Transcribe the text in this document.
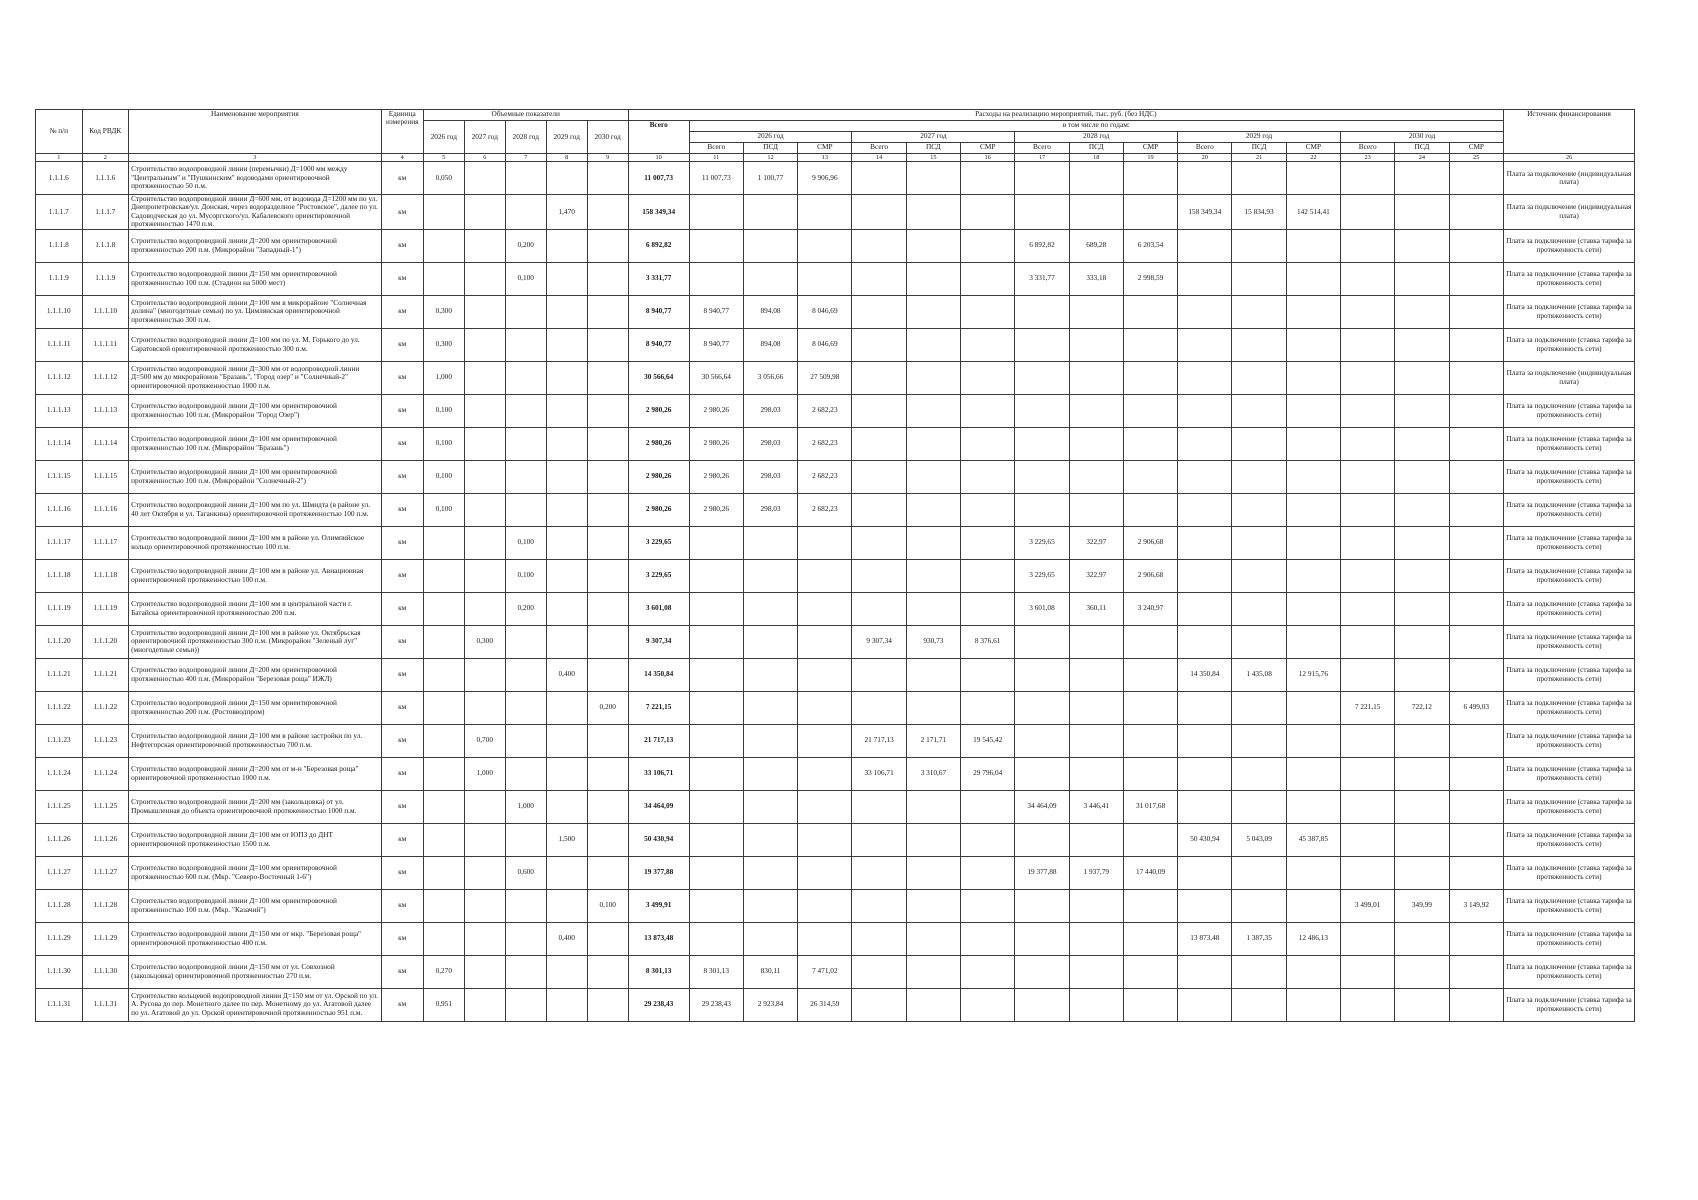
№ п/п	Код РВДК	Наименование мероприятия	Единица измерения	Объемные показатели					Расходы на реализацию мероприятий, тыс. руб. (без НДС)																Источник финансирования
				2026 год	2027 год	2028 год	2029 год	2030 год	Всего	в том числе по годам:															
										2026 год			2027 год			2028 год			2029 год			2030 год			
										Всего	ПСД	СМР	Всего	ПСД	СМР	Всего	ПСД	СМР	Всего	ПСД	СМР	Всего	ПСД	СМР	
1	2	3	4	5	6	7	8	9	10	11	12	13	14	15	16	17	18	19	20	21	22	23	24	25	26
1.1.1.6	1.1.1.6	Строительство водопроводной линии (перемычки) Д=1000 мм между "Центральным" и "Пушкинским" водоводами ориентировочной протяженностью 50 п.м.	км	0,050					11 007,73	11 007,73	1 100,77	9 906,96													Плата за подключение (индивидуальная плата)
1.1.1.7	1.1.1.7	Строительство водопроводной линии Д=600 мм, от водовода Д=1200 мм по ул. Днепропетровская/ул. Донская, через водоразделное "Ростовское", далее по ул. Садоводческая до ул. Мусоргского/ул. Кабалевского ориентировочной протяженностью 1470 п.м.	км				1,470		158 349,34										158 349,34	15 834,93	142 514,41				Плата за подключение (индивидуальная плата)
1.1.1.8	1.1.1.8	Строительство водопроводной линии Д=200 мм ориентировочной протяженностью 200 п.м. (Микрорайон "Западный-1")	км			0,200			6 892,82							6 892,82	689,28	6 203,54							Плата за подключение (ставка тарифа за протяженность сети)
1.1.1.9	1.1.1.9	Строительство водопроводной линии Д=150 мм ориентировочной протяженностью 100 п.м. (Стадион на 5000 мест)	км			0,100			3 331,77							3 331,77	333,18	2 998,59							Плата за подключение (ставка тарифа за протяженность сети)
1.1.1.10	1.1.1.10	Строительство водопроводной линии Д=100 мм в микрорайоне "Солнечная долина" (многодетные семьи) по ул. Цимлянская ориентировочной протяженностью 300 п.м.	км	0,300					8 940,77	8 940,77	894,08	8 046,69													Плата за подключение (ставка тарифа за протяженность сети)
1.1.1.11	1.1.1.11	Строительство водопроводной линии Д=100 мм по ул. М. Горького до ул. Саратовской ориентировочной протяженностью 300 п.м.	км	0,300					8 940,77	8 940,77	894,08	8 046,69													Плата за подключение (ставка тарифа за протяженность сети)
1.1.1.12	1.1.1.12	Строительство водопроводной линии Д=300 мм от водопроводной линии Д=500 мм до микрорайонов "Бразань", "Город озер" и "Солнечный-2" ориентировочной протяженностью 1000 п.м.	км	1,000					30 566,64	30 566,64	3 056,66	27 509,98													Плата за подключение (индивидуальная плата)
1.1.1.13	1.1.1.13	Строительство водопроводной линии Д=100 мм ориентировочной протяженностью 100 п.м. (Микрорайон "Город Озер")	км	0,100					2 980,26	2 980,26	298,03	2 682,23													Плата за подключение (ставка тарифа за протяженность сети)
1.1.1.14	1.1.1.14	Строительство водопроводной линии Д=100 мм ориентировочной протяженностью 100 п.м. (Микрорайон "Бразань")	км	0,100					2 980,26	2 980,26	298,03	2 682,23													Плата за подключение (ставка тарифа за протяженность сети)
1.1.1.15	1.1.1.15	Строительство водопроводной линии Д=100 мм ориентировочной протяженностью 100 п.м. (Микрорайон "Солнечный-2")	км	0,100					2 980,26	2 980,26	298,03	2 682,23													Плата за подключение (ставка тарифа за протяженность сети)
1.1.1.16	1.1.1.16	Строительство водопроводной линии Д=100 мм по ул. Шмидта (в районе ул. 40 лет Октября и ул. Таганкина) ориентировочной протяженностью 100 п.м.	км	0,100					2 980,26	2 980,26	298,03	2 682,23													Плата за подключение (ставка тарифа за протяженность сети)
1.1.1.17	1.1.1.17	Строительство водопроводной линии Д=100 мм в районе ул. Олимпийское кольцо ориентировочной протяженностью 100 п.м.	км			0,100			3 229,65							3 229,65	322,97	2 906,68							Плата за подключение (ставка тарифа за протяженность сети)
1.1.1.18	1.1.1.18	Строительство водопроводной линии Д=100 мм в районе ул. Авиационная ориентировочной протяженностью 100 п.м.	км			0,100			3 229,65							3 229,65	322,97	2 906,68							Плата за подключение (ставка тарифа за протяженность сети)
1.1.1.19	1.1.1.19	Строительство водопроводной линии Д=100 мм в центральной части г. Батайска ориентировочной протяженностью 200 п.м.	км			0,200			3 601,08							3 601,08	360,11	3 240,97							Плата за подключение (ставка тарифа за протяженность сети)
1.1.1.20	1.1.1.20	Строительство водопроводной линии Д=100 мм в районе ул. Октябрьская ориентировочной протяженностью 300 п.м. (Микрорайон "Зеленый луг" (многодетные семьи))	км		0,300				9 307,34				9 307,34	930,73	8 376,61										Плата за подключение (ставка тарифа за протяженность сети)
1.1.1.21	1.1.1.21	Строительство водопроводной линии Д=200 мм ориентировочной протяженностью 400 п.м. (Микрорайон "Березовая роща" ИЖЛ)	км				0,400		14 350,84										14 350,84	1 435,08	12 915,76				Плата за подключение (ставка тарифа за протяженность сети)
1.1.1.22	1.1.1.22	Строительство водопроводной линии Д=150 мм ориентировочной протяженностью 200 п.м. (Ростовводпром)	км					0,200	7 221,15													7 221,15	722,12	6 499,03	Плата за подключение (ставка тарифа за протяженность сети)
1.1.1.23	1.1.1.23	Строительство водопроводной линии Д=100 мм в районе застройки по ул. Нефтегорская ориентировочной протяженностью 700 п.м.	км		0,700				21 717,13				21 717,13	2 171,71	19 545,42										Плата за подключение (ставка тарифа за протяженность сети)
1.1.1.24	1.1.1.24	Строительство водопроводной линии Д=200 мм от м-н "Березовая роща" ориентировочной протяженностью 1000 п.м.	км		1,000				33 106,71				33 106,71	3 310,67	29 796,04										Плата за подключение (ставка тарифа за протяженность сети)
1.1.1.25	1.1.1.25	Строительство водопроводной линии Д=200 мм (закольцовка) от ул. Промышленная до объекта ориентировочной протяженностью 1000 п.м.	км			1,000			34 464,09							34 464,09	3 446,41	31 017,68							Плата за подключение (ставка тарифа за протяженность сети)
1.1.1.26	1.1.1.26	Строительство водопроводной линии Д=100 мм от ЮПЗ до ДНТ ориентировочной протяженностью 1500 п.м.	км				1,500		50 430,94										50 430,94	5 043,09	45 387,85				Плата за подключение (ставка тарифа за протяженность сети)
1.1.1.27	1.1.1.27	Строительство водопроводной линии Д=100 мм ориентировочной протяженностью 600 п.м. (Мкр. "Северо-Восточный 1-6")	км			0,600			19 377,88							19 377,88	1 937,79	17 440,09							Плата за подключение (ставка тарифа за протяженность сети)
1.1.1.28	1.1.1.28	Строительство водопроводной линии Д=100 мм ориентировочной протяженностью 100 п.м. (Мкр. "Казачий")	км					0,100	3 499,91													3 499,01	349,99	3 149,92	Плата за подключение (ставка тарифа за протяженность сети)
1.1.1.29	1.1.1.29	Строительство водопроводной линии Д=150 мм от мкр. "Березовая роща" ориентировочной протяженностью 400 п.м.	км				0,400		13 873,48										13 873,48	1 387,35	12 486,13				Плата за подключение (ставка тарифа за протяженность сети)
1.1.1.30	1.1.1.30	Строительство водопроводной линии Д=150 мм от ул. Совхозной (закольцовка) ориентировочной протяженностью 270 п.м.	км	0,270					8 301,13	8 301,13	830,11	7 471,02													Плата за подключение (ставка тарифа за протяженность сети)
1.1.1.31	1.1.1.31	Строительство кольцевой водопроводной линии Д=150 мм от ул. Орской по ул. А. Русова до пер. Монетного далее по пер. Монетному до ул. Агатовой далее по ул. Агатовой до ул. Орской ориентировочной протяженностью 951 п.м.	км	0,951					29 238,43	29 238,43	2 923,84	26 314,59													Плата за подключение (ставка тарифа за протяженность сети)
